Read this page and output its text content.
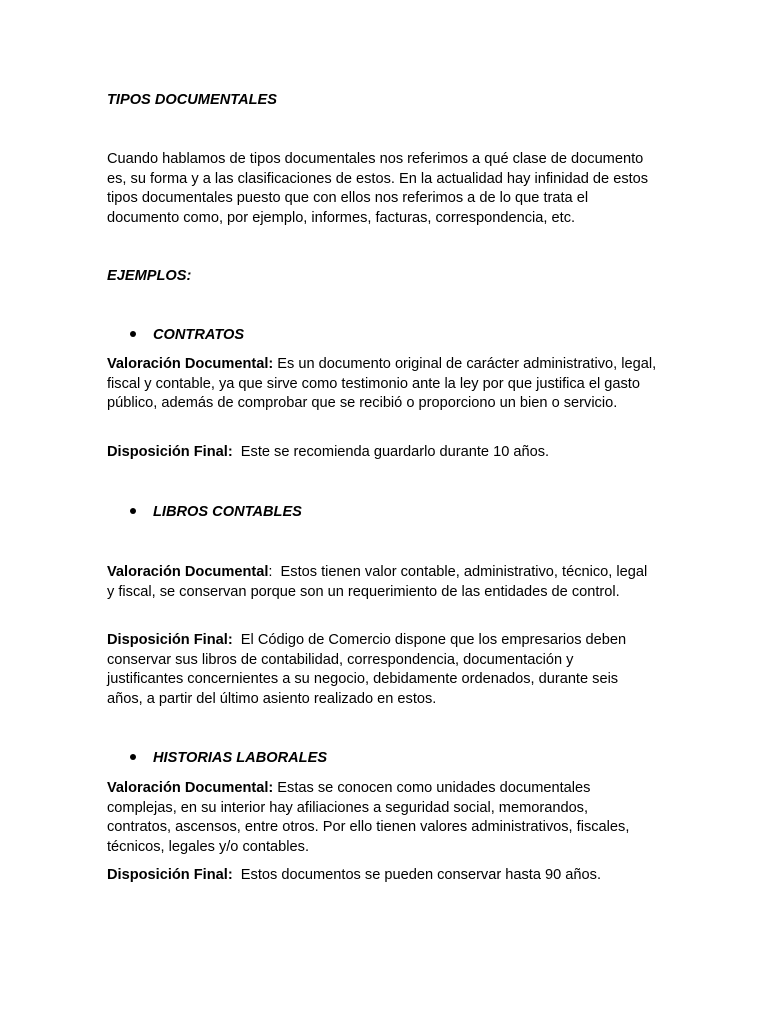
TIPOS DOCUMENTALES

Cuando hablamos de tipos documentales nos referimos a qué clase de documento es, su forma y a las clasificaciones de estos. En la actualidad hay infinidad de estos tipos documentales puesto que con ellos nos referimos a de lo que trata el documento como, por ejemplo, informes, facturas, correspondencia, etc.

EJEMPLOS:
CONTRATOS

Valoración Documental: Es un documento original de carácter administrativo, legal, fiscal y contable, ya que sirve como testimonio ante la ley por que justifica el gasto público, además de comprobar que se recibió o proporciono un bien o servicio.

Disposición Final:  Este se recomienda guardarlo durante 10 años.

LIBROS CONTABLES

Valoración Documental:  Estos tienen valor contable, administrativo, técnico, legal y fiscal, se conservan porque son un requerimiento de las entidades de control.

Disposición Final:  El Código de Comercio dispone que los empresarios deben conservar sus libros de contabilidad, correspondencia, documentación y justificantes concernientes a su negocio, debidamente ordenados, durante seis años, a partir del último asiento realizado en estos.

HISTORIAS LABORALES

Valoración Documental: Estas se conocen como unidades documentales complejas, en su interior hay afiliaciones a seguridad social, memorandos, contratos, ascensos, entre otros. Por ello tienen valores administrativos, fiscales, técnicos, legales y/o contables.

Disposición Final:  Estos documentos se pueden conservar hasta 90 años.
